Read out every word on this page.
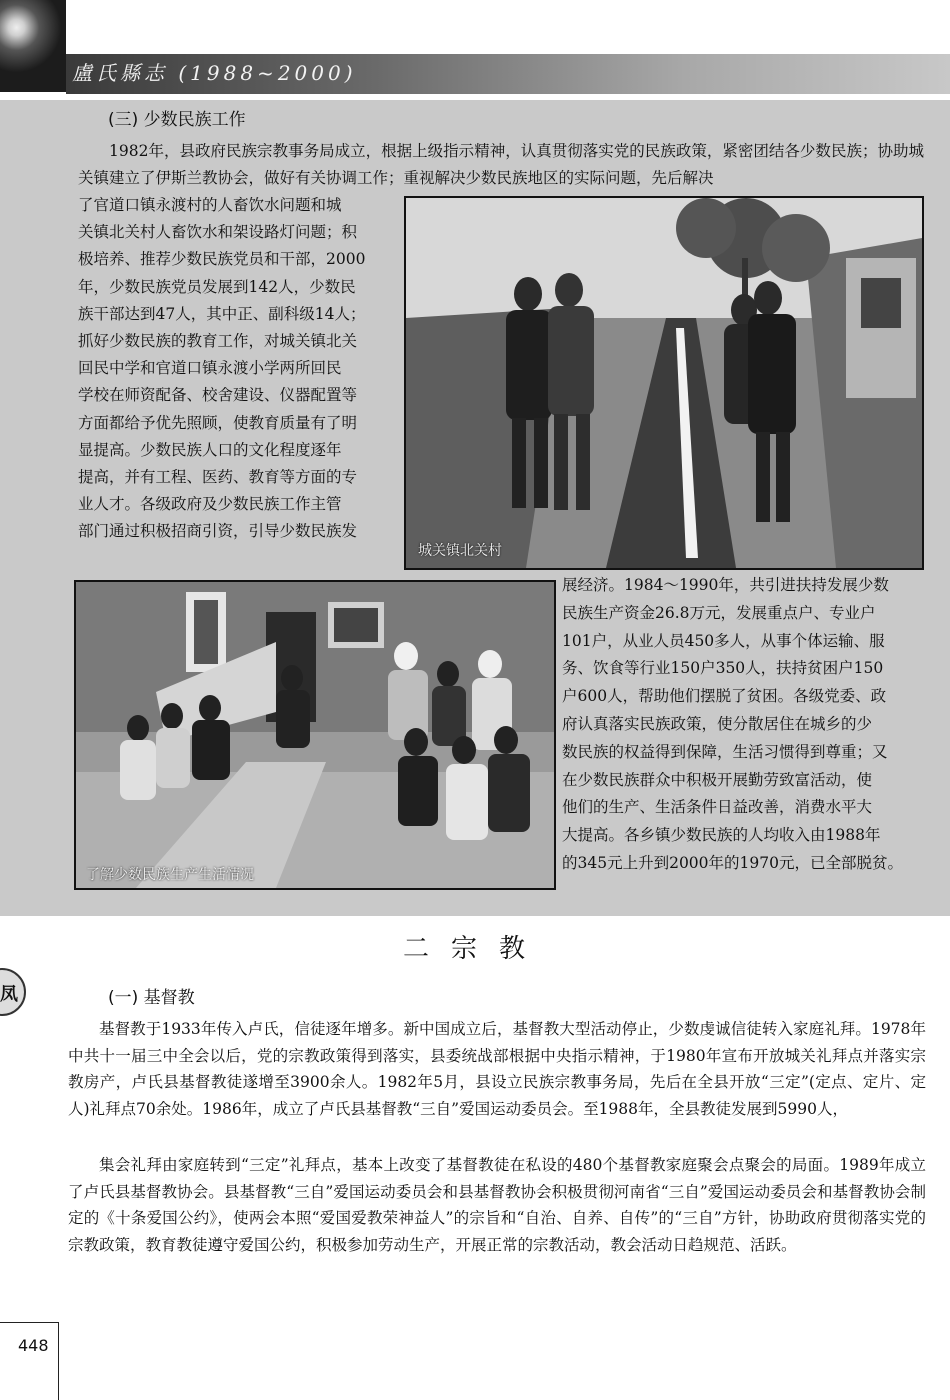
盧氏縣志 (1988~2000)
(三) 少数民族工作
1982年，县政府民族宗教事务局成立，根据上级指示精神，认真贯彻落实党的民族政策，紧密团结各少数民族；协助城关镇建立了伊斯兰教协会，做好有关协调工作；重视解决少数民族地区的实际问题，先后解决
了官道口镇永渡村的人畜饮水问题和城
关镇北关村人畜饮水和架设路灯问题；积
极培养、推荐少数民族党员和干部，2000
年，少数民族党员发展到142人，少数民
族干部达到47人，其中正、副科级14人；
抓好少数民族的教育工作，对城关镇北关
回民中学和官道口镇永渡小学两所回民
学校在师资配备、校舍建设、仪器配置等
方面都给予优先照顾，使教育质量有了明
显提高。少数民族人口的文化程度逐年
提高，并有工程、医药、教育等方面的专
业人才。各级政府及少数民族工作主管
部门通过积极招商引资，引导少数民族发
展经济。1984～1990年，共引进扶持发展少数
民族生产资金26.8万元，发展重点户、专业户
101户，从业人员450多人，从事个体运输、服
务、饮食等行业150户350人，扶持贫困户150
户600人，帮助他们摆脱了贫困。各级党委、政
府认真落实民族政策，使分散居住在城乡的少
数民族的权益得到保障，生活习惯得到尊重；又
在少数民族群众中积极开展勤劳致富活动，使
他们的生产、生活条件日益改善，消费水平大
大提高。各乡镇少数民族的人均收入由1988年
的345元上升到2000年的1970元，已全部脱贫。
城关镇北关村
了解少数民族生产生活情况
二宗教
凤	(一) 基督教
基督教于1933年传入卢氏，信徒逐年增多。新中国成立后，基督教大型活动停止，少数虔诚信徒转入家庭礼拜。1978年中共十一届三中全会以后，党的宗教政策得到落实，县委统战部根据中央指示精神，于1980年宣布开放城关礼拜点并落实宗教房产，卢氏县基督教徒遂增至3900余人。1982年5月，县设立民族宗教事务局，先后在全县开放“三定”(定点、定片、定人)礼拜点70余处。1986年，成立了卢氏县基督教“三自”爱国运动委员会。至1988年，全县教徒发展到5990人，
集会礼拜由家庭转到“三定”礼拜点，基本上改变了基督教徒在私设的480个基督教家庭聚会点聚会的局面。1989年成立了卢氏县基督教协会。县基督教“三自”爱国运动委员会和县基督教协会积极贯彻河南省“三自”爱国运动委员会和基督教协会制定的《十条爱国公约》，使两会本照“爱国爱教荣神益人”的宗旨和“自治、自养、自传”的“三自”方针，协助政府贯彻落实党的宗教政策，教育教徒遵守爱国公约，积极参加劳动生产，开展正常的宗教活动，教会活动日趋规范、活跃。
448
